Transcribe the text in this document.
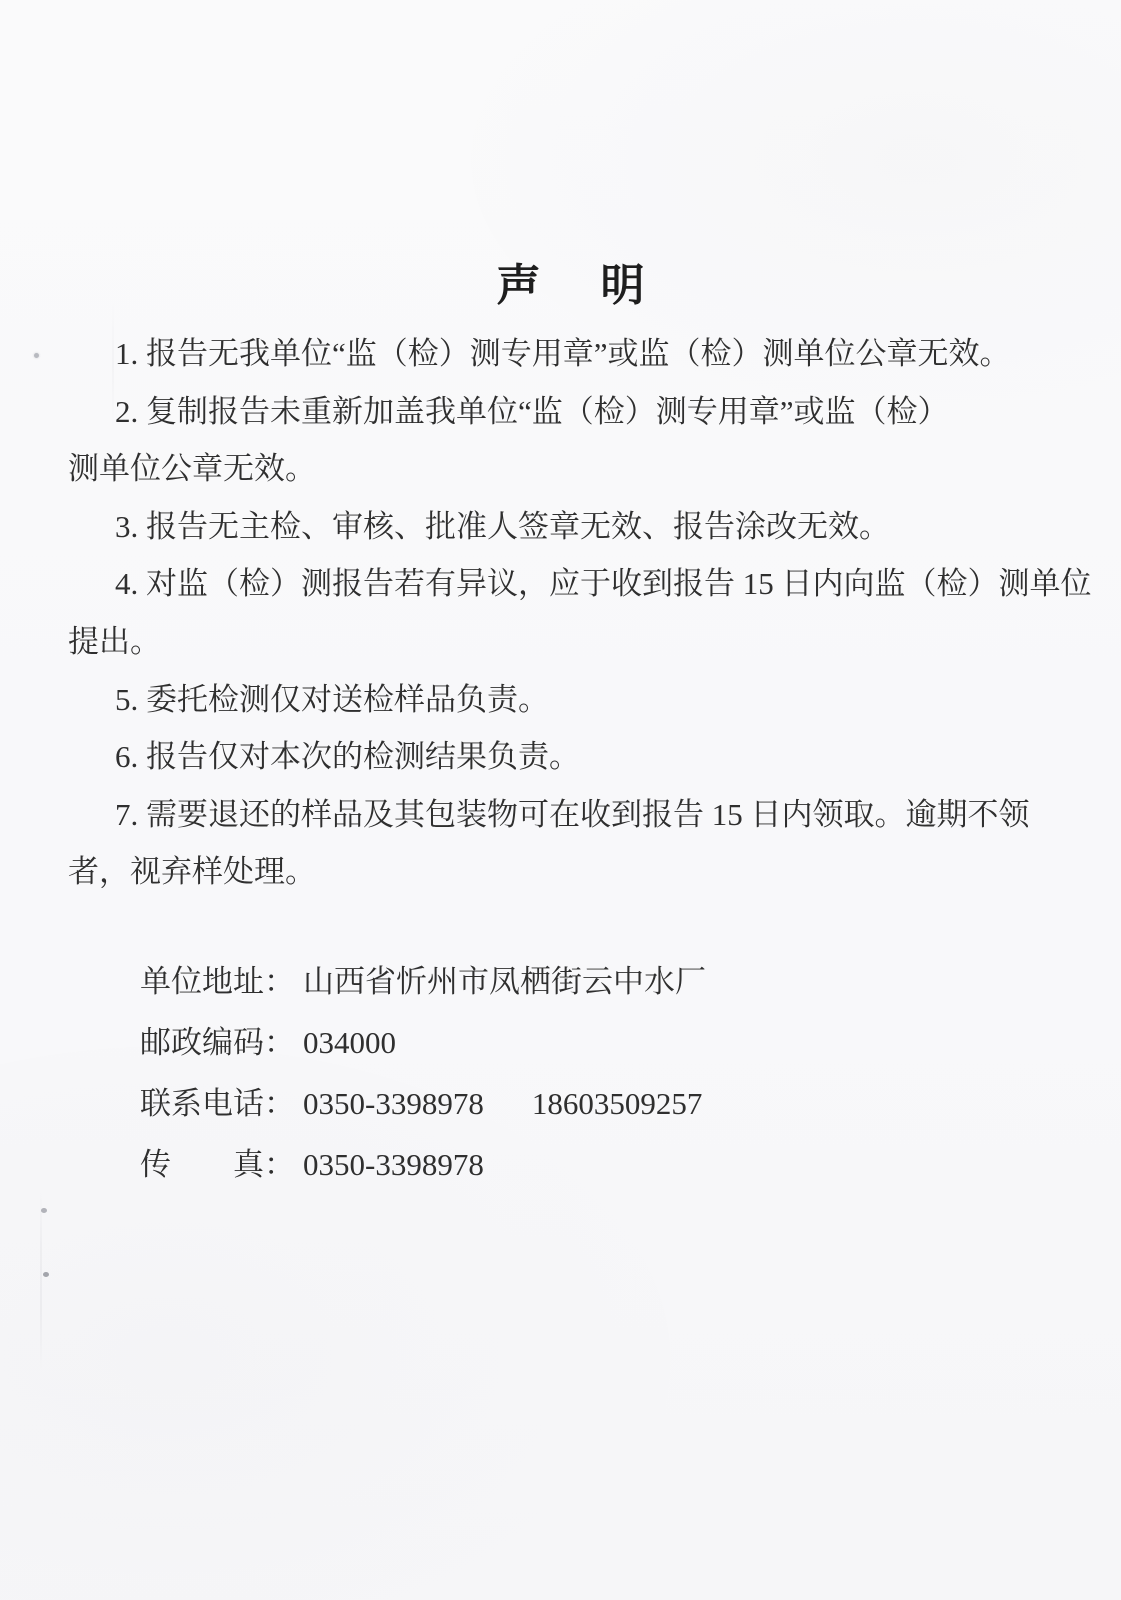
声　明

1. 报告无我单位“监（检）测专用章”或监（检）测单位公章无效。

2. 复制报告未重新加盖我单位“监（检）测专用章”或监（检）

测单位公章无效。

3. 报告无主检、审核、批准人签章无效、报告涂改无效。

4. 对监（检）测报告若有异议，应于收到报告 15 日内向监（检）测单位

提出。

5. 委托检测仅对送检样品负责。

6. 报告仅对本次的检测结果负责。

7. 需要退还的样品及其包装物可在收到报告 15 日内领取。逾期不领

者，视弃样处理。

单位地址： 山西省忻州市凤栖街云中水厂

邮政编码： 034000

联系电话： 0350-3398978 18603509257

传　　真： 0350-3398978
